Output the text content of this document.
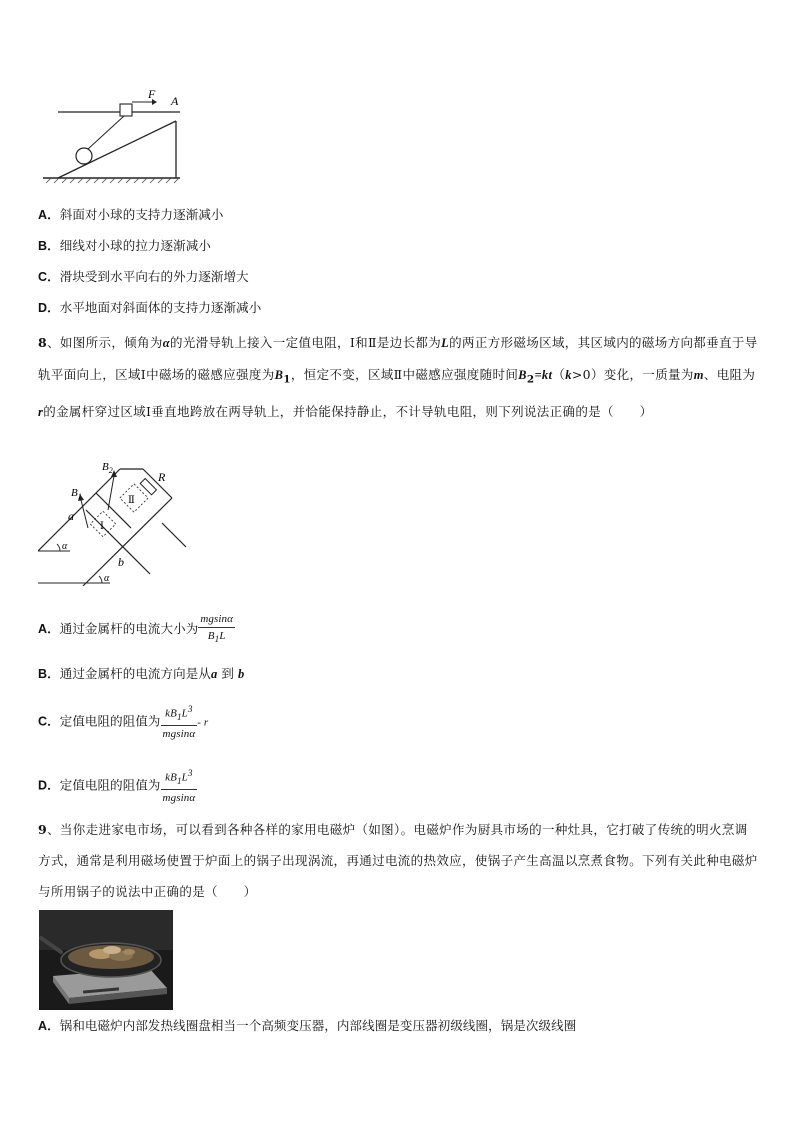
F A
A．斜面对小球的支持力逐渐减小
B．细线对小球的拉力逐渐减小
C．滑块受到水平向右的外力逐渐增大
D．水平地面对斜面体的支持力逐渐减小
8、如图所示，倾角为α的光滑导轨上接入一定值电阻，Ⅰ和Ⅱ是边长都为L的两正方形磁场区域，其区域内的磁场方向都垂直于导轨平面向上，区域Ⅰ中磁场的磁感应强度为$B_1$，恒定不变，区域Ⅱ中磁感应强度随时间$B_2=kt(k>0)$变化，一质量为m、电阻为r的金属杆穿过区域Ⅰ垂直地跨放在两导轨上，并恰能保持静止，不计导轨电阻，则下列说法正确的是（　　）
$B_2$	R
$B_1$
a
b
Ⅱ
Ⅰ
α
α
A．通过金属杆的电流大小为 $\frac{mgsin\alpha}{B_1L}$
B．通过金属杆的电流方向是从a 到 b
C．定值电阻的阻值为 $\frac{kB_1L^3}{mgsin\alpha}$ - r
D．定值电阻的阻值为 $\frac{kB_1L^3}{mgsin\alpha}$
9、当你走进家电市场，可以看到各种各样的家用电磁炉（如图）。电磁炉作为厨具市场的一种灶具，它打破了传统的明火烹调方式，通常是利用磁场使置于炉面上的锅子出现涡流，再通过电流的热效应，使锅子产生高温以烹煮食物。下列有关此种电磁炉与所用锅子的说法中正确的是（　　）
A．锅和电磁炉内部发热线圈盘相当一个高频变压器，内部线圈是变压器初级线圈，锅是次级线圈
